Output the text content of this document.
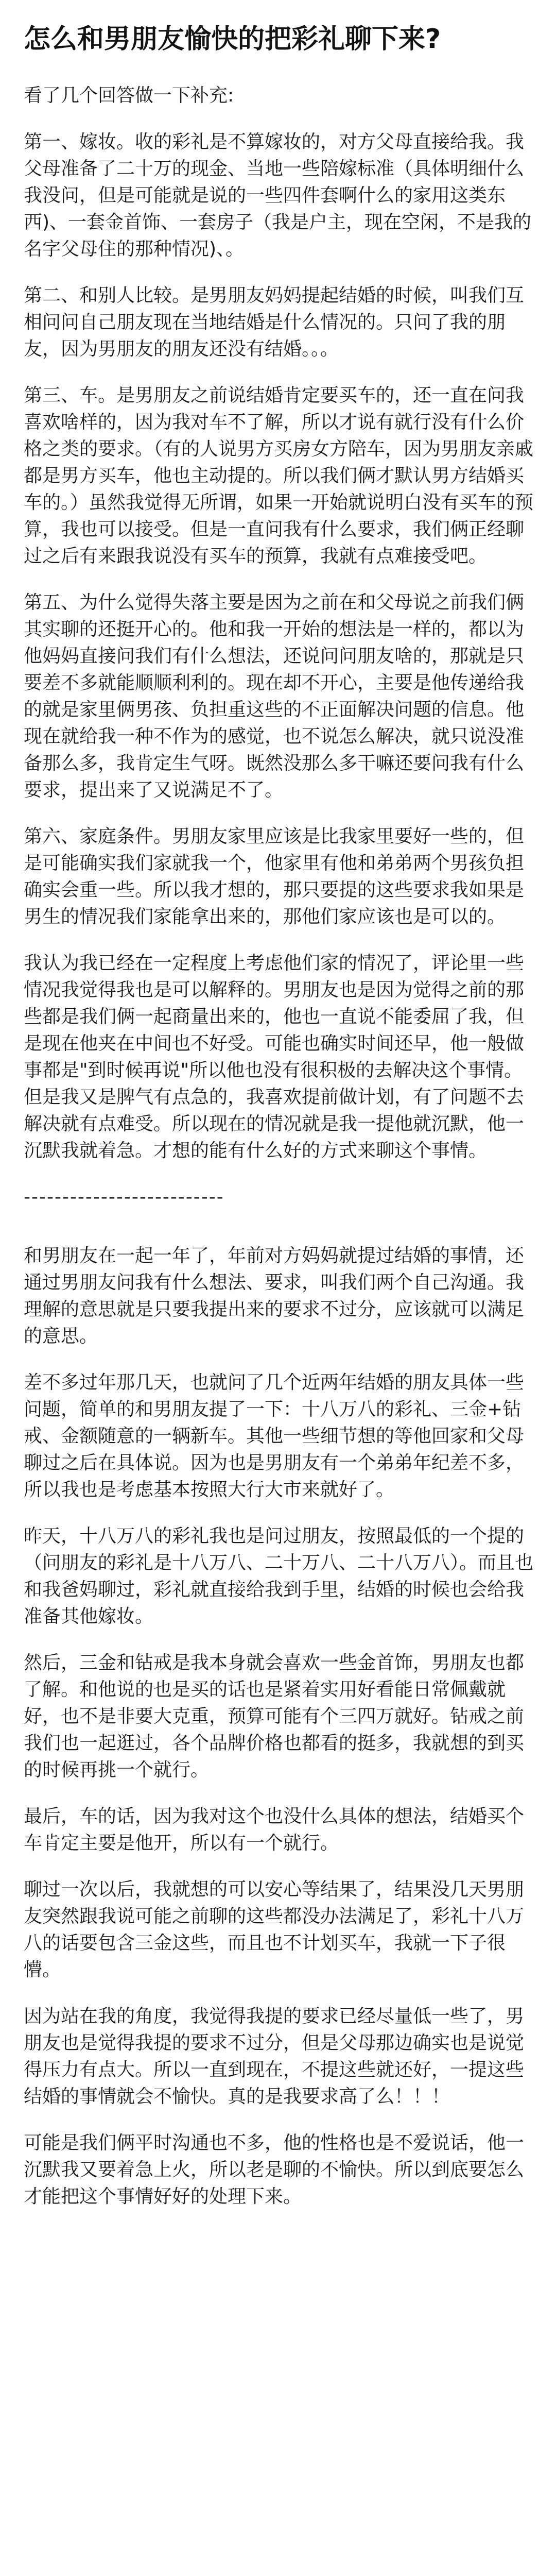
怎么和男朋友愉快的把彩礼聊下来?

看了几个回答做一下补充:

第一、嫁妆。收的彩礼是不算嫁妆的，对方父母直接给我。我父母准备了二十万的现金、当地一些陪嫁标准（具体明细什么我没问，但是可能就是说的一些四件套啊什么的家用这类东西)、一套金首饰、一套房子（我是户主，现在空闲，不是我的名字父母住的那种情况)、。

第二、和别人比较。是男朋友妈妈提起结婚的时候，叫我们互相问问自己朋友现在当地结婚是什么情况的。只问了我的朋友，因为男朋友的朋友还没有结婚。。。

第三、车。是男朋友之前说结婚肯定要买车的，还一直在问我喜欢啥样的，因为我对车不了解，所以才说有就行没有什么价格之类的要求。（有的人说男方买房女方陪车，因为男朋友亲戚都是男方买车，他也主动提的。所以我们俩才默认男方结婚买车的。）虽然我觉得无所谓，如果一开始就说明白没有买车的预算，我也可以接受。但是一直问我有什么要求，我们俩正经聊过之后有来跟我说没有买车的预算，我就有点难接受吧。

第五、为什么觉得失落主要是因为之前在和父母说之前我们俩其实聊的还挺开心的。他和我一开始的想法是一样的，都以为他妈妈直接问我们有什么想法，还说问问朋友啥的，那就是只要差不多就能顺顺利利的。现在却不开心，主要是他传递给我的就是家里俩男孩、负担重这些的不正面解决问题的信息。他现在就给我一种不作为的感觉，也不说怎么解决，就只说没准备那么多，我肯定生气呀。既然没那么多干嘛还要问我有什么要求，提出来了又说满足不了。

第六、家庭条件。男朋友家里应该是比我家里要好一些的，但是可能确实我们家就我一个，他家里有他和弟弟两个男孩负担确实会重一些。所以我才想的，那只要提的这些要求我如果是男生的情况我们家能拿出来的，那他们家应该也是可以的。

我认为我已经在一定程度上考虑他们家的情况了，评论里一些情况我觉得我也是可以解释的。男朋友也是因为觉得之前的那些都是我们俩一起商量出来的，他也一直说不能委屈了我，但是现在他夹在中间也不好受。可能也确实时间还早，他一般做事都是"到时候再说"所以他也没有很积极的去解决这个事情。但是我又是脾气有点急的，我喜欢提前做计划，有了问题不去解决就有点难受。所以现在的情况就是我一提他就沉默，他一沉默我就着急。才想的能有什么好的方式来聊这个事情。

--------------------------

和男朋友在一起一年了，年前对方妈妈就提过结婚的事情，还通过男朋友问我有什么想法、要求，叫我们两个自己沟通。我理解的意思就是只要我提出来的要求不过分，应该就可以满足的意思。

差不多过年那几天，也就问了几个近两年结婚的朋友具体一些问题，简单的和男朋友提了一下：十八万八的彩礼、三金+钻戒、金额随意的一辆新车。其他一些细节想的等他回家和父母聊过之后在具体说。因为也是男朋友有一个弟弟年纪差不多，所以我也是考虑基本按照大行大市来就好了。

昨天，十八万八的彩礼我也是问过朋友，按照最低的一个提的（问朋友的彩礼是十八万八、二十万八、二十八万八）。而且也和我爸妈聊过，彩礼就直接给我到手里，结婚的时候也会给我准备其他嫁妆。

然后，三金和钻戒是我本身就会喜欢一些金首饰，男朋友也都了解。和他说的也是买的话也是紧着实用好看能日常佩戴就好，也不是非要大克重，预算可能有个三四万就好。钻戒之前我们也一起逛过，各个品牌价格也都看的挺多，我就想的到买的时候再挑一个就行。

最后，车的话，因为我对这个也没什么具体的想法，结婚买个车肯定主要是他开，所以有一个就行。

聊过一次以后，我就想的可以安心等结果了，结果没几天男朋友突然跟我说可能之前聊的这些都没办法满足了，彩礼十八万八的话要包含三金这些，而且也不计划买车，我就一下子很懵。

因为站在我的角度，我觉得我提的要求已经尽量低一些了，男朋友也是觉得我提的要求不过分，但是父母那边确实也是说觉得压力有点大。所以一直到现在，不提这些就还好，一提这些结婚的事情就会不愉快。真的是我要求高了么！！！

可能是我们俩平时沟通也不多，他的性格也是不爱说话，他一沉默我又要着急上火，所以老是聊的不愉快。所以到底要怎么才能把这个事情好好的处理下来。
